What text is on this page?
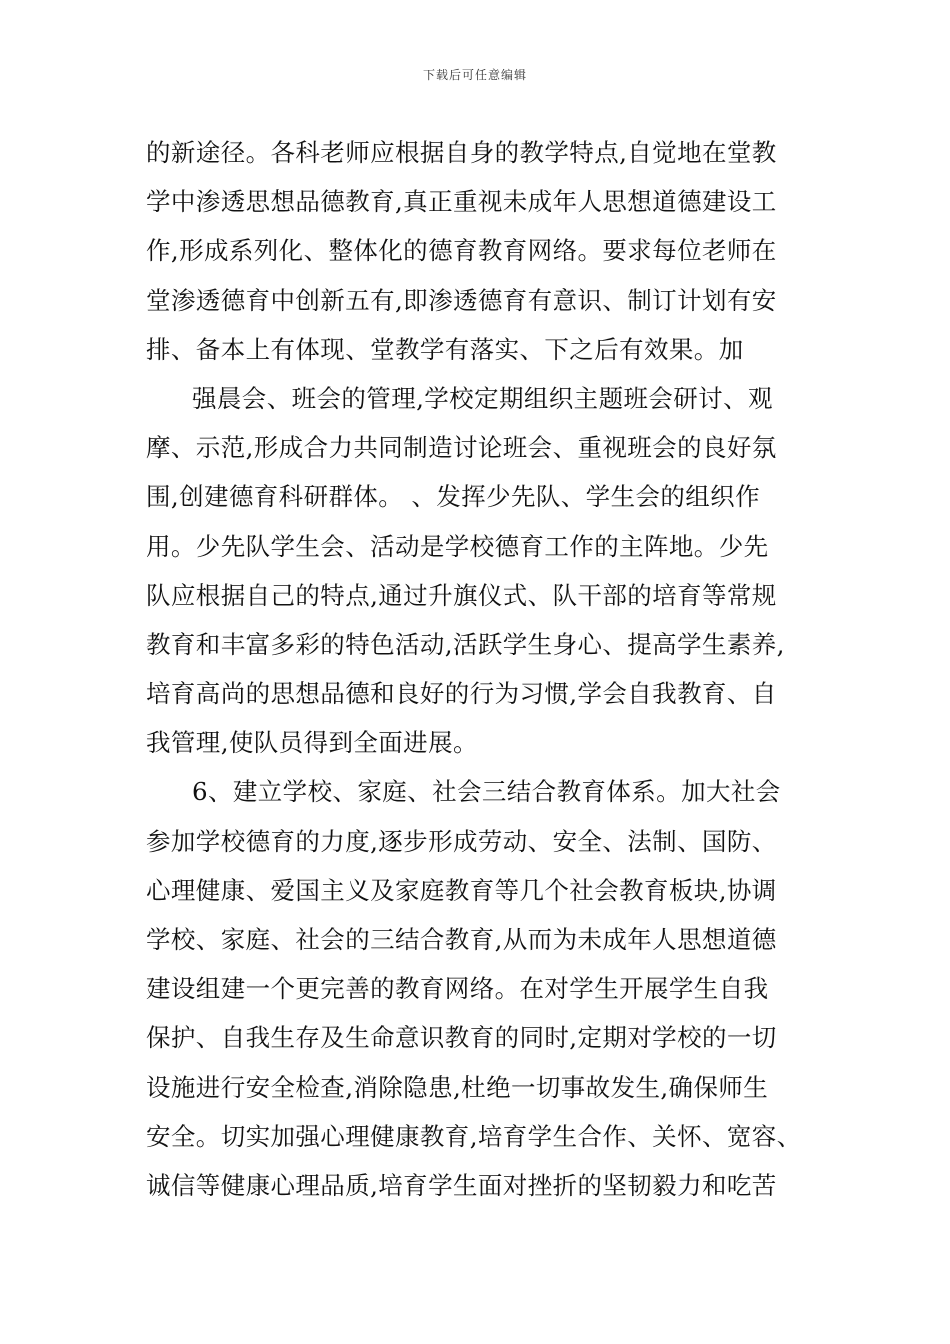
下载后可任意编辑
的新途径。各科老师应根据自身的教学特点,自觉地在堂教
学中渗透思想品德教育,真正重视未成年人思想道德建设工
作,形成系列化、整体化的德育教育网络。要求每位老师在
堂渗透德育中创新五有,即渗透德育有意识、制订计划有安
排、备本上有体现、堂教学有落实、下之后有效果。加
强晨会、班会的管理,学校定期组织主题班会研讨、观
摩、示范,形成合力共同制造讨论班会、重视班会的良好氛
围,创建德育科研群体。 、发挥少先队、学生会的组织作
用。少先队学生会、活动是学校德育工作的主阵地。少先
队应根据自己的特点,通过升旗仪式、队干部的培育等常规
教育和丰富多彩的特色活动,活跃学生身心、提高学生素养,
培育高尚的思想品德和良好的行为习惯,学会自我教育、自
我管理,使队员得到全面进展。
6、建立学校、家庭、社会三结合教育体系。加大社会
参加学校德育的力度,逐步形成劳动、安全、法制、国防、
心理健康、爱国主义及家庭教育等几个社会教育板块,协调
学校、家庭、社会的三结合教育,从而为未成年人思想道德
建设组建一个更完善的教育网络。在对学生开展学生自我
保护、自我生存及生命意识教育的同时,定期对学校的一切
设施进行安全检查,消除隐患,杜绝一切事故发生,确保师生
安全。切实加强心理健康教育,培育学生合作、关怀、宽容、
诚信等健康心理品质,培育学生面对挫折的坚韧毅力和吃苦
